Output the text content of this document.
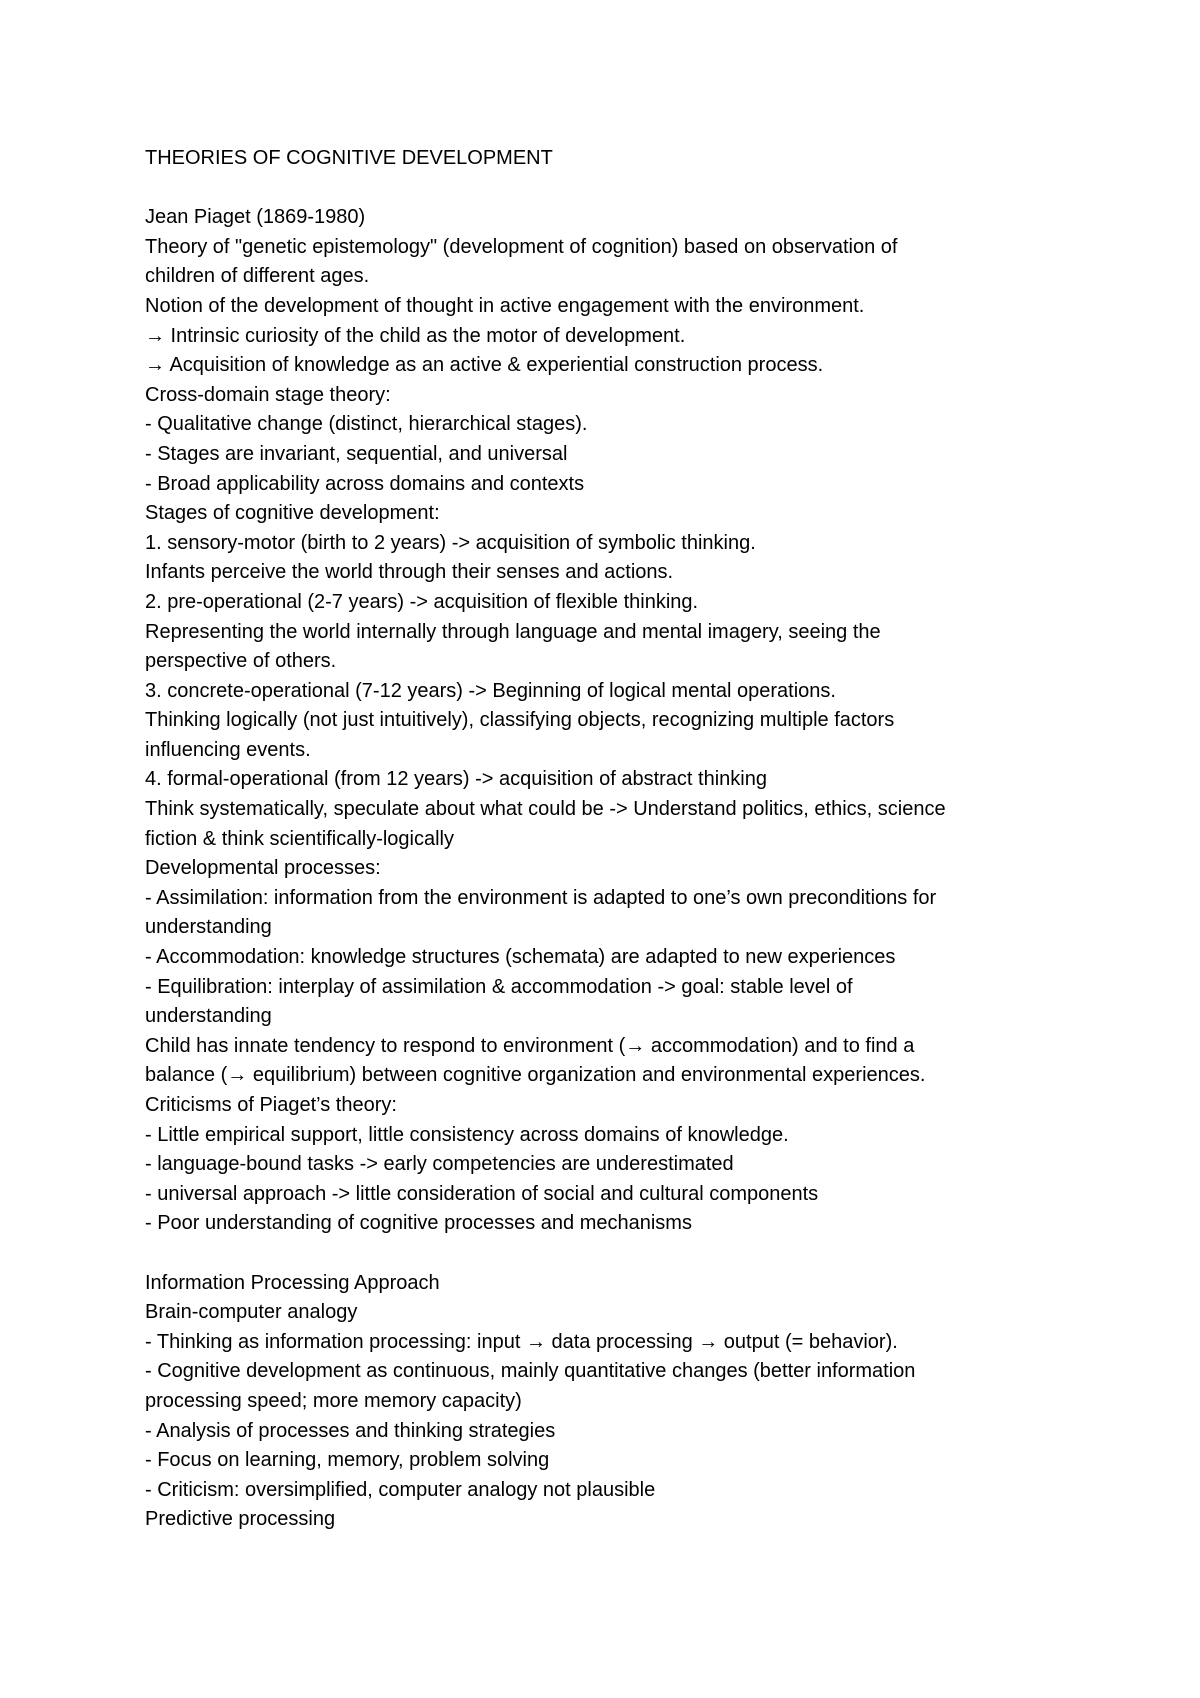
THEORIES OF COGNITIVE DEVELOPMENT
Jean Piaget (1869-1980)
Theory of "genetic epistemology" (development of cognition) based on observation of
children of different ages.
Notion of the development of thought in active engagement with the environment.
→ Intrinsic curiosity of the child as the motor of development.
→ Acquisition of knowledge as an active & experiential construction process.
Cross-domain stage theory:
- Qualitative change (distinct, hierarchical stages).
- Stages are invariant, sequential, and universal
- Broad applicability across domains and contexts
Stages of cognitive development:
1. sensory-motor (birth to 2 years) -> acquisition of symbolic thinking.
Infants perceive the world through their senses and actions.
2. pre-operational (2-7 years) -> acquisition of flexible thinking.
Representing the world internally through language and mental imagery, seeing the
perspective of others.
3. concrete-operational (7-12 years) -> Beginning of logical mental operations.
Thinking logically (not just intuitively), classifying objects, recognizing multiple factors
influencing events.
4. formal-operational (from 12 years) -> acquisition of abstract thinking
Think systematically, speculate about what could be -> Understand politics, ethics, science
fiction & think scientifically-logically
Developmental processes:
- Assimilation: information from the environment is adapted to one’s own preconditions for
understanding
- Accommodation: knowledge structures (schemata) are adapted to new experiences
- Equilibration: interplay of assimilation & accommodation -> goal: stable level of
understanding
Child has innate tendency to respond to environment (→ accommodation) and to find a
balance (→ equilibrium) between cognitive organization and environmental experiences.
Criticisms of Piaget’s theory:
- Little empirical support, little consistency across domains of knowledge.
- language-bound tasks -> early competencies are underestimated
- universal approach -> little consideration of social and cultural components
- Poor understanding of cognitive processes and mechanisms
Information Processing Approach
Brain-computer analogy
- Thinking as information processing: input → data processing → output (= behavior).
- Cognitive development as continuous, mainly quantitative changes (better information
processing speed; more memory capacity)
- Analysis of processes and thinking strategies
- Focus on learning, memory, problem solving
- Criticism: oversimplified, computer analogy not plausible
Predictive processing
